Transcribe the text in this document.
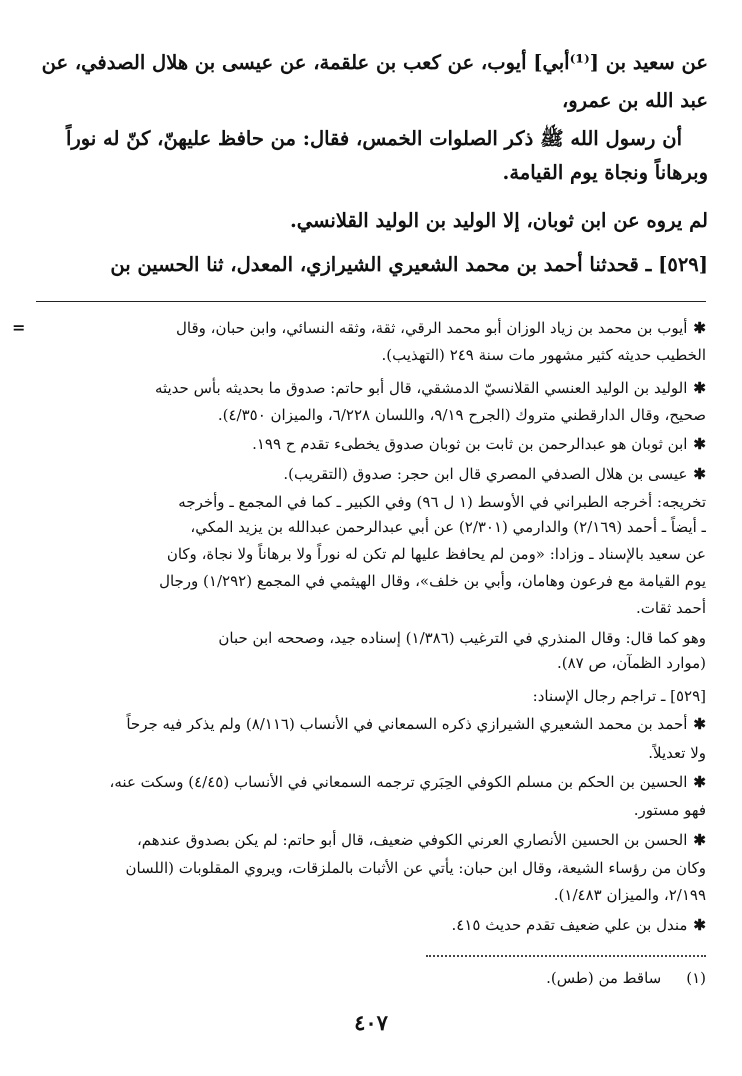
عن سعيد بن [⁽¹⁾أبي] أيوب، عن كعب بن علقمة، عن عيسى بن هلال الصدفي، عن

عبد الله بن عمرو،

أن رسول الله ﷺ ذكر الصلوات الخمس، فقال: من حافظ عليهنّ، كنّ له نوراً

وبرهاناً ونجاة يوم القيامة.

لم يروه عن ابن ثوبان، إلا الوليد بن الوليد القلانسي.

[٥٢٩] ـ قحدثنا أحمد بن محمد الشعيري الشيرازي، المعدل، ثنا الحسين بن

=	✱أيوب بن محمد بن زياد الوزان أبو محمد الرقي، ثقة، وثقه النسائي، وابن حبان، وقال

الخطيب حديثه كثير مشهور مات سنة ٢٤٩ (التهذيب).

✱الوليد بن الوليد العنسي القلانسيّ الدمشقي، قال أبو حاتم: صدوق ما بحديثه بأس حديثه

صحيح، وقال الدارقطني متروك (الجرح ٩/١٩، واللسان ٦/٢٢٨، والميزان ٤/٣٥٠).

✱ابن ثوبان هو عبدالرحمن بن ثابت بن ثوبان صدوق يخطىء تقدم ح ١٩٩.

✱عيسى بن هلال الصدفي المصري قال ابن حجر: صدوق (التقريب).

تخريجه: أخرجه الطبراني في الأوسط (١ ل ٩٦) وفي الكبير ـ كما في المجمع ـ وأخرجه

ـ أيضاً ـ أحمد (٢/١٦٩) والدارمي (٢/٣٠١) عن أبي عبدالرحمن عبدالله بن يزيد المكي،

عن سعيد بالإسناد ـ وزادا: «ومن لم يحافظ عليها لم تكن له نوراً ولا برهاناً ولا نجاة، وكان

يوم القيامة مع فرعون وهامان، وأبي بن خلف»، وقال الهيثمي في المجمع (١/٢٩٢) ورجال

أحمد ثقات.

وهو كما قال: وقال المنذري في الترغيب (١/٣٨٦) إسناده جيد، وصححه ابن حبان

(موارد الظمآن، ص ٨٧).

[٥٢٩] ـ تراجم رجال الإسناد:

✱أحمد بن محمد الشعيري الشيرازي ذكره السمعاني في الأنساب (٨/١١٦) ولم يذكر فيه جرحاً

ولا تعديلاً.

✱الحسين بن الحكم بن مسلم الكوفي الحِبَري ترجمه السمعاني في الأنساب (٤/٤٥) وسكت عنه،

فهو مستور.

✱الحسن بن الحسين الأنصاري العرني الكوفي ضعيف، قال أبو حاتم: لم يكن بصدوق عندهم،

وكان من رؤساء الشيعة، وقال ابن حبان: يأتي عن الأثبات بالملزقات، ويروي المقلوبات (اللسان

٢/١٩٩، والميزان ١/٤٨٣).

✱مندل بن علي ضعيف تقدم حديث ٤١٥.

(١) ساقط من (طس).
٤٠٧
